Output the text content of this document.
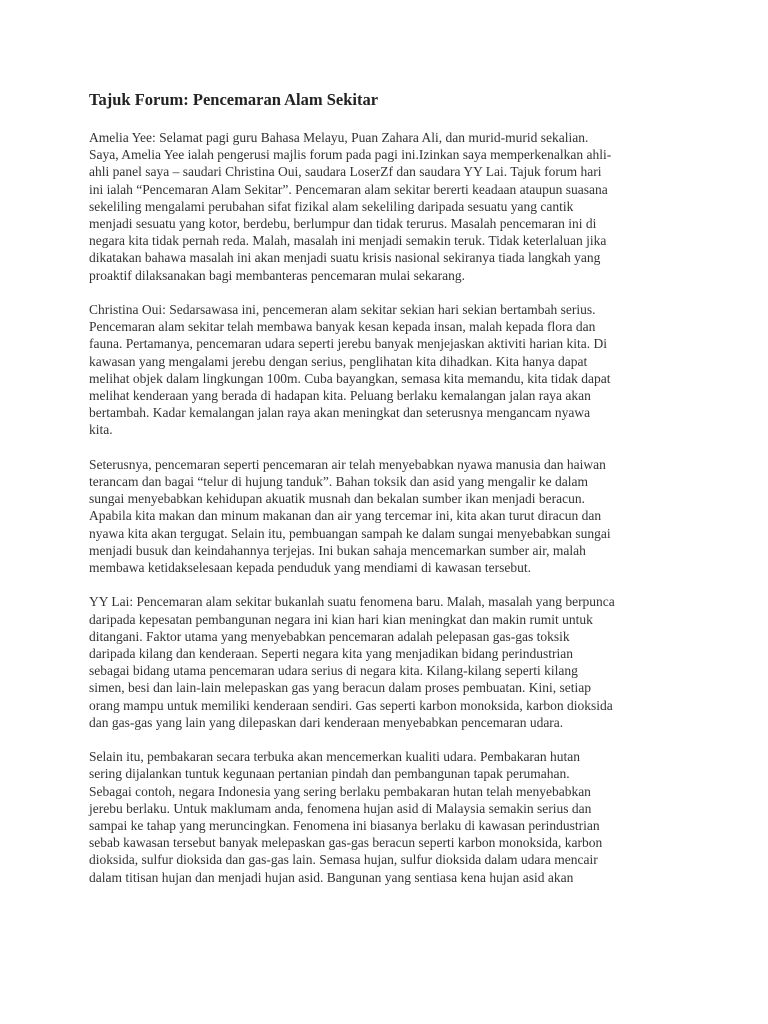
Tajuk Forum: Pencemaran Alam Sekitar
Amelia Yee: Selamat pagi guru Bahasa Melayu, Puan Zahara Ali, dan murid-murid sekalian.
Saya, Amelia Yee ialah pengerusi majlis forum pada pagi ini.Izinkan saya memperkenalkan ahli-
ahli panel saya – saudari Christina Oui, saudara LoserZf dan saudara YY Lai. Tajuk forum hari
ini ialah “Pencemaran Alam Sekitar”. Pencemaran alam sekitar bererti keadaan ataupun suasana
sekeliling mengalami perubahan sifat fizikal alam sekeliling daripada sesuatu yang cantik
menjadi sesuatu yang kotor, berdebu, berlumpur dan tidak terurus. Masalah pencemaran ini di
negara kita tidak pernah reda. Malah, masalah ini menjadi semakin teruk. Tidak keterlaluan jika
dikatakan bahawa masalah ini akan menjadi suatu krisis nasional sekiranya tiada langkah yang
proaktif dilaksanakan bagi membanteras pencemaran mulai sekarang.
Christina Oui: Sedarsawasa ini, pencemeran alam sekitar sekian hari sekian bertambah serius.
Pencemaran alam sekitar telah membawa banyak kesan kepada insan, malah kepada flora dan
fauna. Pertamanya, pencemaran udara seperti jerebu banyak menjejaskan aktiviti harian kita. Di
kawasan yang mengalami jerebu dengan serius, penglihatan kita dihadkan. Kita hanya dapat
melihat objek dalam lingkungan 100m. Cuba bayangkan, semasa kita memandu, kita tidak dapat
melihat kenderaan yang berada di hadapan kita. Peluang berlaku kemalangan jalan raya akan
bertambah. Kadar kemalangan jalan raya akan meningkat dan seterusnya mengancam nyawa
kita.
Seterusnya, pencemaran seperti pencemaran air telah menyebabkan nyawa manusia dan haiwan
terancam dan bagai “telur di hujung tanduk”. Bahan toksik dan asid yang mengalir ke dalam
sungai menyebabkan kehidupan akuatik musnah dan bekalan sumber ikan menjadi beracun.
Apabila kita makan dan minum makanan dan air yang tercemar ini, kita akan turut diracun dan
nyawa kita akan tergugat. Selain itu, pembuangan sampah ke dalam sungai menyebabkan sungai
menjadi busuk dan keindahannya terjejas. Ini bukan sahaja mencemarkan sumber air, malah
membawa ketidakselesaan kepada penduduk yang mendiami di kawasan tersebut.
YY Lai: Pencemaran alam sekitar bukanlah suatu fenomena baru. Malah, masalah yang berpunca
daripada kepesatan pembangunan negara ini kian hari kian meningkat dan makin rumit untuk
ditangani. Faktor utama yang menyebabkan pencemaran adalah pelepasan gas-gas toksik
daripada kilang dan kenderaan. Seperti negara kita yang menjadikan bidang perindustrian
sebagai bidang utama pencemaran udara serius di negara kita. Kilang-kilang seperti kilang
simen, besi dan lain-lain melepaskan gas yang beracun dalam proses pembuatan. Kini, setiap
orang mampu untuk memiliki kenderaan sendiri. Gas seperti karbon monoksida, karbon dioksida
dan gas-gas yang lain yang dilepaskan dari kenderaan menyebabkan pencemaran udara.
Selain itu, pembakaran secara terbuka akan mencemerkan kualiti udara. Pembakaran hutan
sering dijalankan tuntuk kegunaan pertanian pindah dan pembangunan tapak perumahan.
Sebagai contoh, negara Indonesia yang sering berlaku pembakaran hutan telah menyebabkan
jerebu berlaku. Untuk maklumam anda, fenomena hujan asid di Malaysia semakin serius dan
sampai ke tahap yang meruncingkan. Fenomena ini biasanya berlaku di kawasan perindustrian
sebab kawasan tersebut banyak melepaskan gas-gas beracun seperti karbon monoksida, karbon
dioksida, sulfur dioksida dan gas-gas lain. Semasa hujan, sulfur dioksida dalam udara mencair
dalam titisan hujan dan menjadi hujan asid. Bangunan yang sentiasa kena hujan asid akan
